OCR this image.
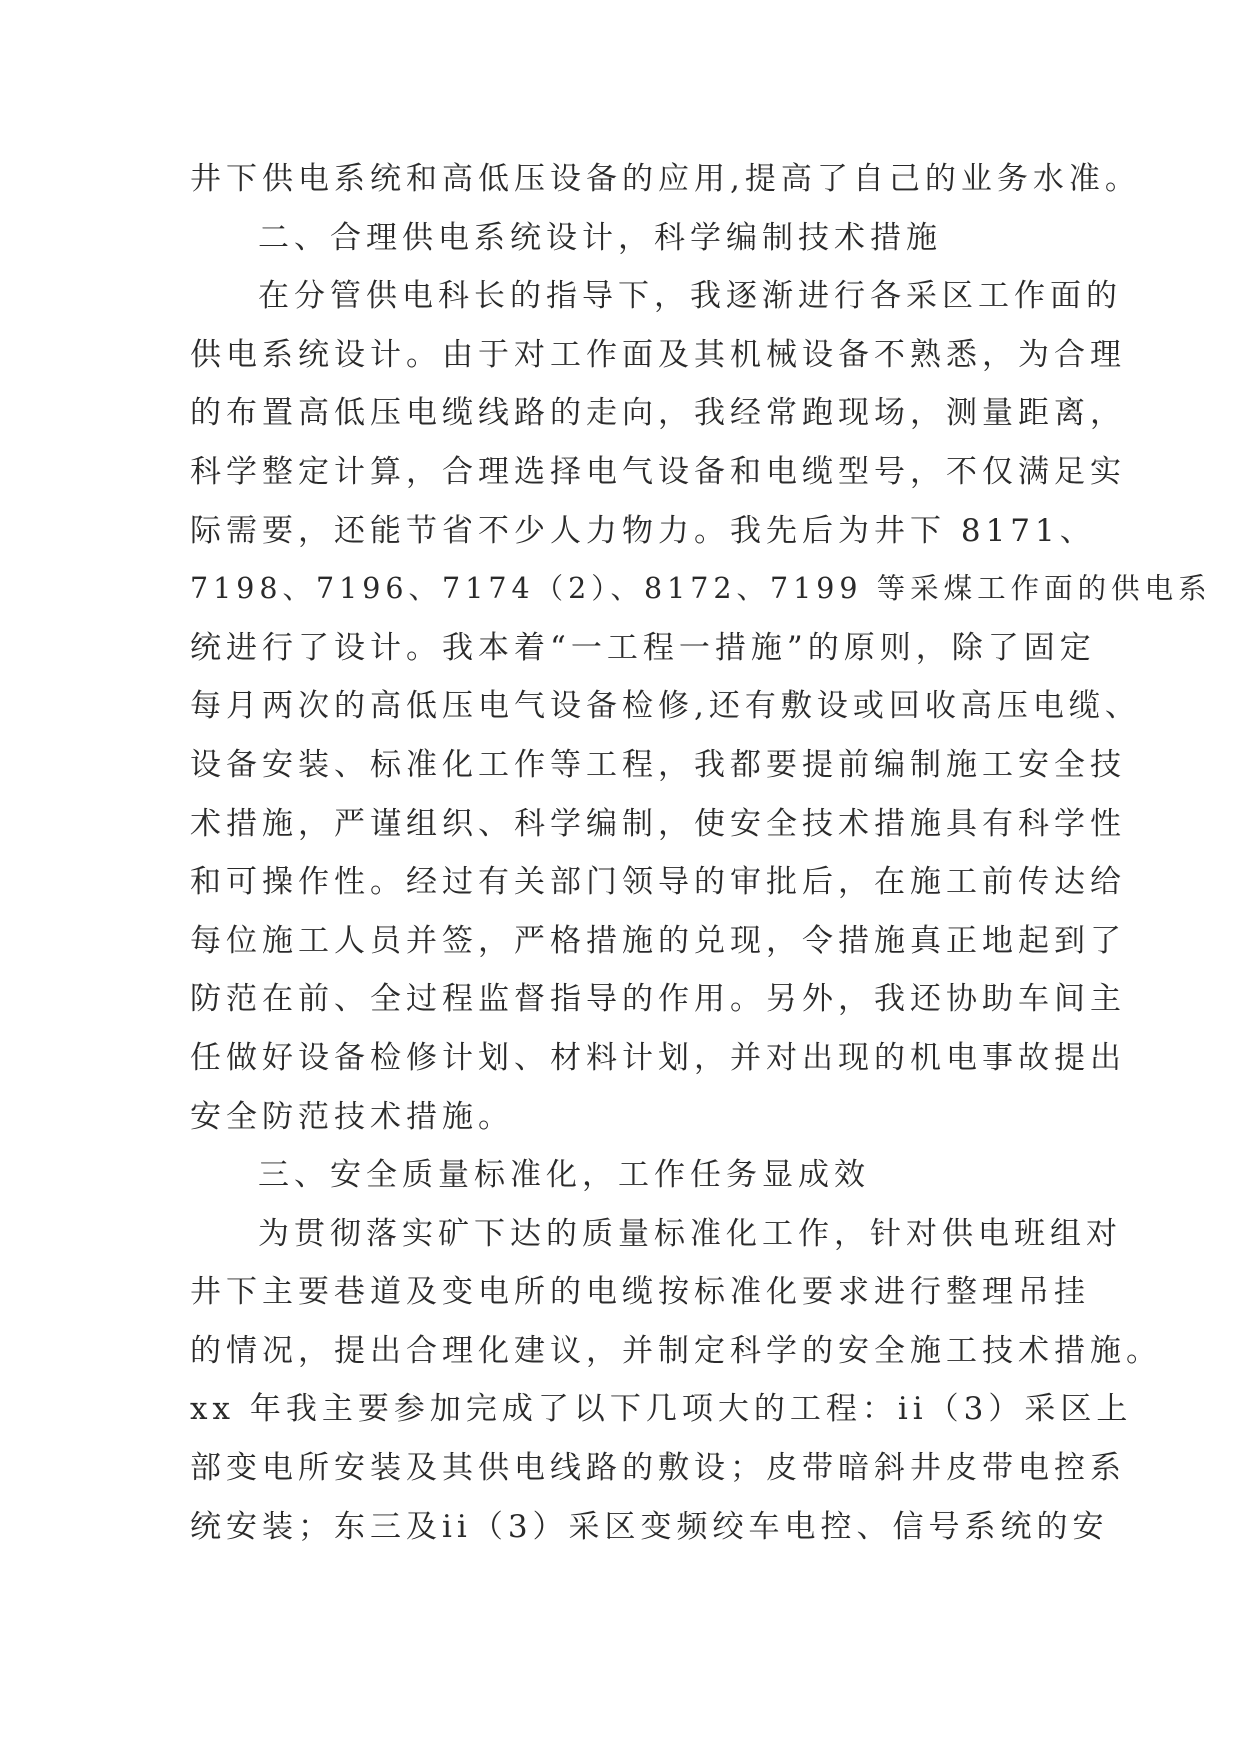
井下供电系统和高低压设备的应用,提高了自己的业务水准。
二、合理供电系统设计，科学编制技术措施
在分管供电科长的指导下，我逐渐进行各采区工作面的
供电系统设计。由于对工作面及其机械设备不熟悉，为合理
的布置高低压电缆线路的走向，我经常跑现场，测量距离，
科学整定计算，合理选择电气设备和电缆型号，不仅满足实
际需要，还能节省不少人力物力。我先后为井下 8171、
7198、7196、7174（2）、8172、7199 等采煤工作面的供电系
统进行了设计。我本着“一工程一措施”的原则，除了固定
每月两次的高低压电气设备检修,还有敷设或回收高压电缆、
设备安装、标准化工作等工程，我都要提前编制施工安全技
术措施，严谨组织、科学编制，使安全技术措施具有科学性
和可操作性。经过有关部门领导的审批后，在施工前传达给
每位施工人员并签，严格措施的兑现，令措施真正地起到了
防范在前、全过程监督指导的作用。另外，我还协助车间主
任做好设备检修计划、材料计划，并对出现的机电事故提出
安全防范技术措施。
三、安全质量标准化，工作任务显成效
为贯彻落实矿下达的质量标准化工作，针对供电班组对
井下主要巷道及变电所的电缆按标准化要求进行整理吊挂
的情况，提出合理化建议，并制定科学的安全施工技术措施。
xx 年我主要参加完成了以下几项大的工程：ii（3）采区上
部变电所安装及其供电线路的敷设；皮带暗斜井皮带电控系
统安装；东三及ii（3）采区变频绞车电控、信号系统的安
